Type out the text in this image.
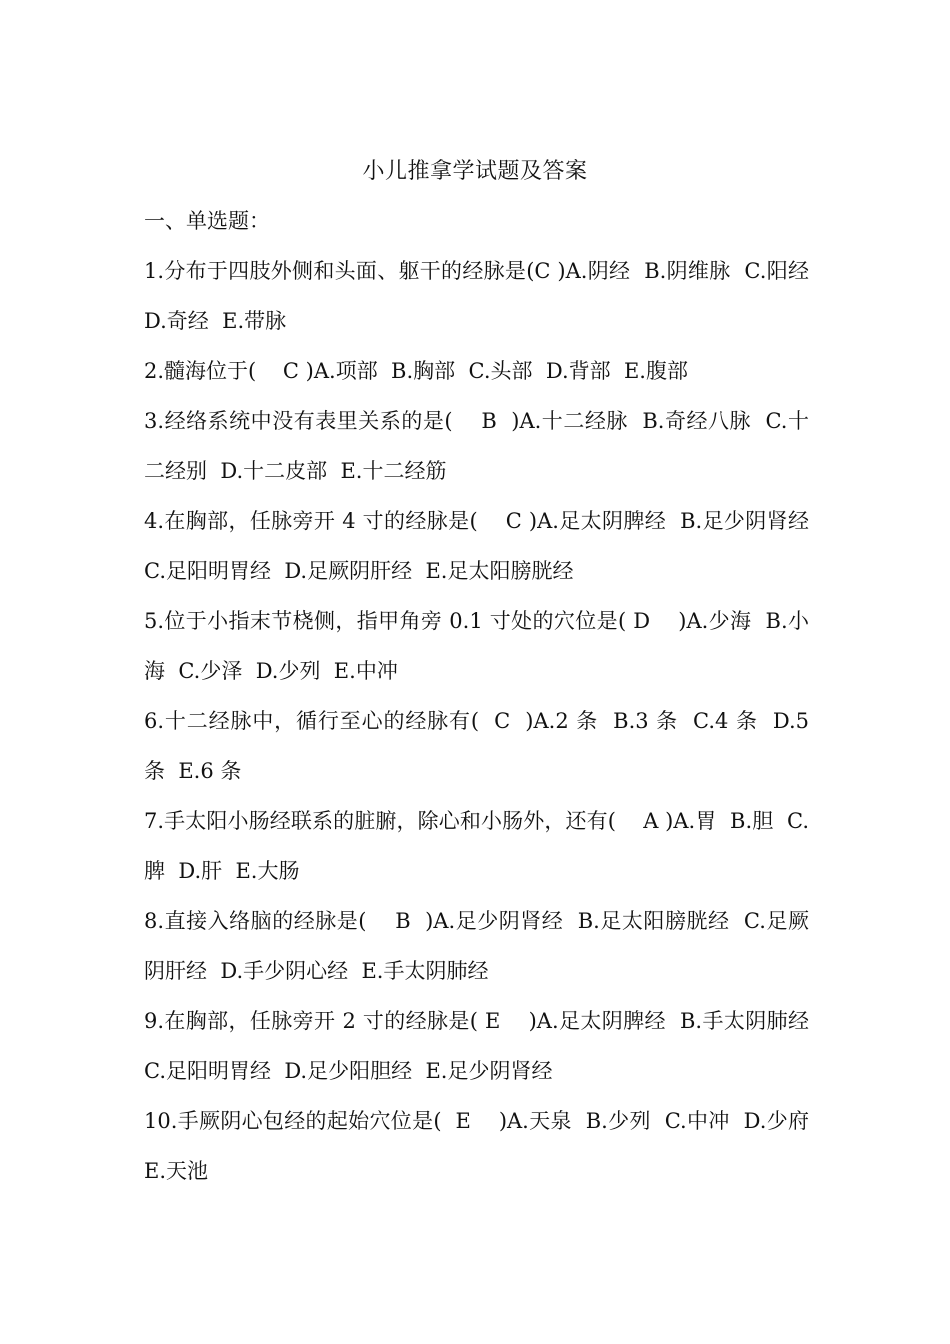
小儿推拿学试题及答案
一、单选题：
1.分布于四肢外侧和头面、躯干的经脉是(C )A.阴经  B.阴维脉  C.阳经  D.奇经  E.带脉
2.髓海位于(    C )A.项部  B.胸部  C.头部  D.背部  E.腹部
3.经络系统中没有表里关系的是(    B  )A.十二经脉  B.奇经八脉  C.十二经别  D.十二皮部  E.十二经筋
4.在胸部，任脉旁开 4 寸的经脉是(    C )A.足太阴脾经  B.足少阴肾经  C.足阳明胃经  D.足厥阴肝经  E.足太阳膀胱经
5.位于小指末节桡侧，指甲角旁 0.1 寸处的穴位是( D    )A.少海  B.小海  C.少泽  D.少列  E.中冲
6.十二经脉中，循行至心的经脉有(  C  )A.2 条  B.3 条  C.4 条  D.5 条  E.6 条
7.手太阳小肠经联系的脏腑，除心和小肠外，还有(    A )A.胃  B.胆  C.脾  D.肝  E.大肠
8.直接入络脑的经脉是(    B  )A.足少阴肾经  B.足太阳膀胱经  C.足厥阴肝经  D.手少阴心经  E.手太阴肺经
9.在胸部，任脉旁开 2 寸的经脉是( E    )A.足太阴脾经  B.手太阴肺经  C.足阳明胃经  D.足少阳胆经  E.足少阴肾经
10.手厥阴心包经的起始穴位是(  E    )A.天泉  B.少列  C.中冲  D.少府  E.天池
